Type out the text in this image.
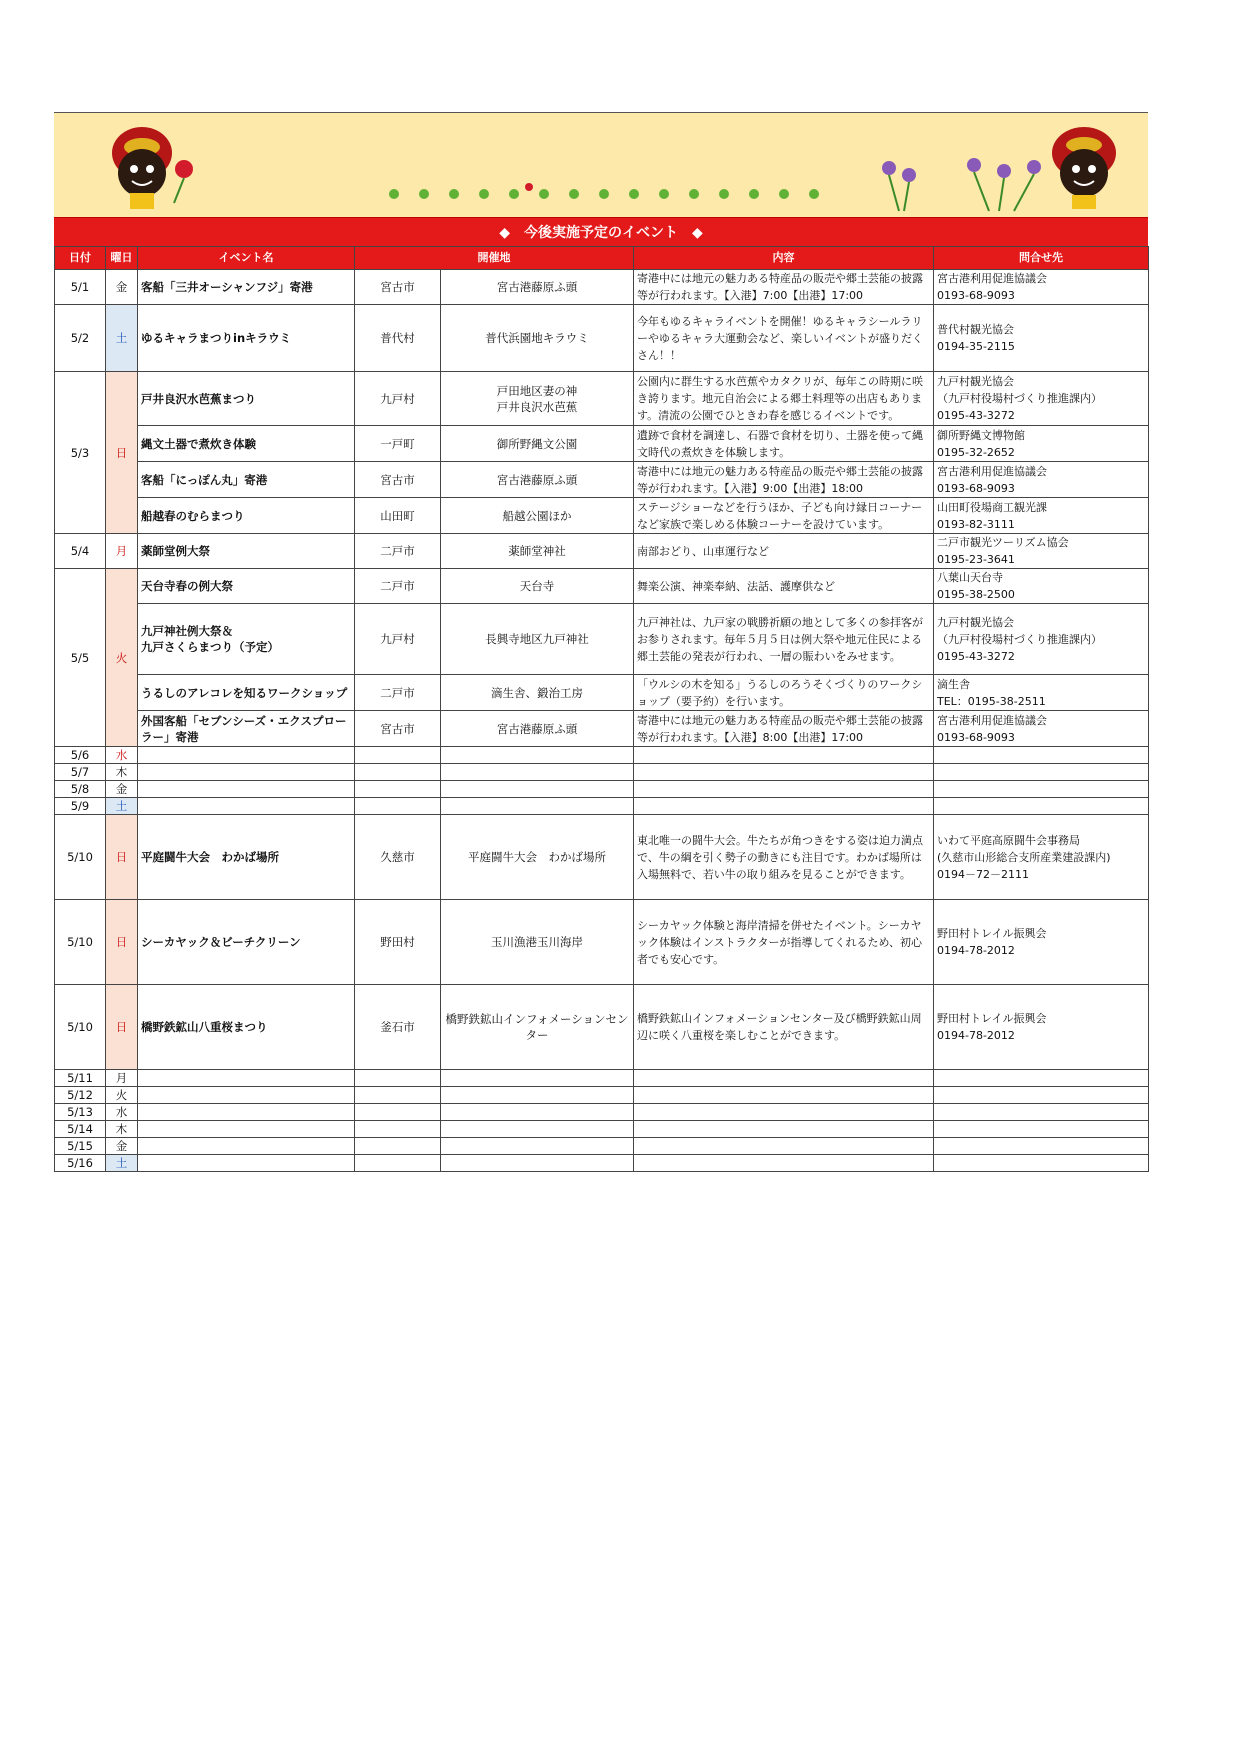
◆　今後実施予定のイベント　◆
日付	曜日	イベント名	開催地		内容	問合せ先
5/1	金	客船「三井オーシャンフジ」寄港	宮古市	宮古港藤原ふ頭	寄港中には地元の魅力ある特産品の販売や郷土芸能の披露等が行われます。【入港】7:00【出港】17:00	宮古港利用促進協議会
0193-68-9093
5/2	土	ゆるキャラまつりinキラウミ	普代村	普代浜園地キラウミ	今年もゆるキャライベントを開催！ゆるキャラシールラリーやゆるキャラ大運動会など、楽しいイベントが盛りだくさん！！	普代村観光協会
0194-35-2115
5/3	日	戸井良沢水芭蕉まつり	九戸村	戸田地区妻の神
戸井良沢水芭蕉	公園内に群生する水芭蕉やカタクリが、毎年この時期に咲き誇ります。地元自治会による郷土料理等の出店もあります。清流の公園でひときわ春を感じるイベントです。	九戸村観光協会
（九戸村役場村づくり推進課内）
0195-43-3272
		縄文土器で煮炊き体験	一戸町	御所野縄文公園	遺跡で食材を調達し、石器で食材を切り、土器を使って縄文時代の煮炊きを体験します。	御所野縄文博物館
0195-32-2652
		客船「にっぽん丸」寄港	宮古市	宮古港藤原ふ頭	寄港中には地元の魅力ある特産品の販売や郷土芸能の披露等が行われます。【入港】9:00【出港】18:00	宮古港利用促進協議会
0193-68-9093
		船越春のむらまつり	山田町	船越公園ほか	ステージショーなどを行うほか、子ども向け縁日コーナーなど家族で楽しめる体験コーナーを設けています。	山田町役場商工観光課
0193-82-3111
5/4	月	薬師堂例大祭	二戸市	薬師堂神社	南部おどり、山車運行など	二戸市観光ツーリズム協会
0195-23-3641
5/5	火	天台寺春の例大祭	二戸市	天台寺	舞楽公演、神楽奉納、法話、護摩供など	八葉山天台寺
0195-38-2500
		九戸神社例大祭＆
九戸さくらまつり（予定）	九戸村	長興寺地区九戸神社	九戸神社は、九戸家の戦勝祈願の地として多くの参拝客がお参りされます。毎年５月５日は例大祭や地元住民による郷土芸能の発表が行われ、一層の賑わいをみせます。	九戸村観光協会
（九戸村役場村づくり推進課内）
0195-43-3272
		うるしのアレコレを知るワークショップ	二戸市	滴生舎、鍛治工房	「ウルシの木を知る」うるしのろうそくづくりのワークショップ（要予約）を行います。	滴生舎
TEL：0195-38-2511
		外国客船「セブンシーズ・エクスプローラー」寄港	宮古市	宮古港藤原ふ頭	寄港中には地元の魅力ある特産品の販売や郷土芸能の披露等が行われます。【入港】8:00【出港】17:00	宮古港利用促進協議会
0193-68-9093
5/6	水					
5/7	木					
5/8	金					
5/9	土					
5/10	日	平庭闘牛大会　わかば場所	久慈市	平庭闘牛大会　わかば場所	東北唯一の闘牛大会。牛たちが角つきをする姿は迫力満点で、牛の綱を引く勢子の動きにも注目です。わかば場所は入場無料で、若い牛の取り組みを見ることができます。	いわて平庭高原闘牛会事務局
(久慈市山形総合支所産業建設課内)
0194－72－2111
5/10	日	シーカヤック＆ビーチクリーン	野田村	玉川漁港玉川海岸	シーカヤック体験と海岸清掃を併せたイベント。シーカヤック体験はインストラクターが指導してくれるため、初心者でも安心です。	野田村トレイル振興会
0194-78-2012
5/10	日	橋野鉄鉱山八重桜まつり	釜石市	橋野鉄鉱山インフォメーションセンター	橋野鉄鉱山インフォメーションセンター及び橋野鉄鉱山周辺に咲く八重桜を楽しむことができます。	野田村トレイル振興会
0194-78-2012
5/11	月					
5/12	火					
5/13	水					
5/14	木					
5/15	金					
5/16	土					
